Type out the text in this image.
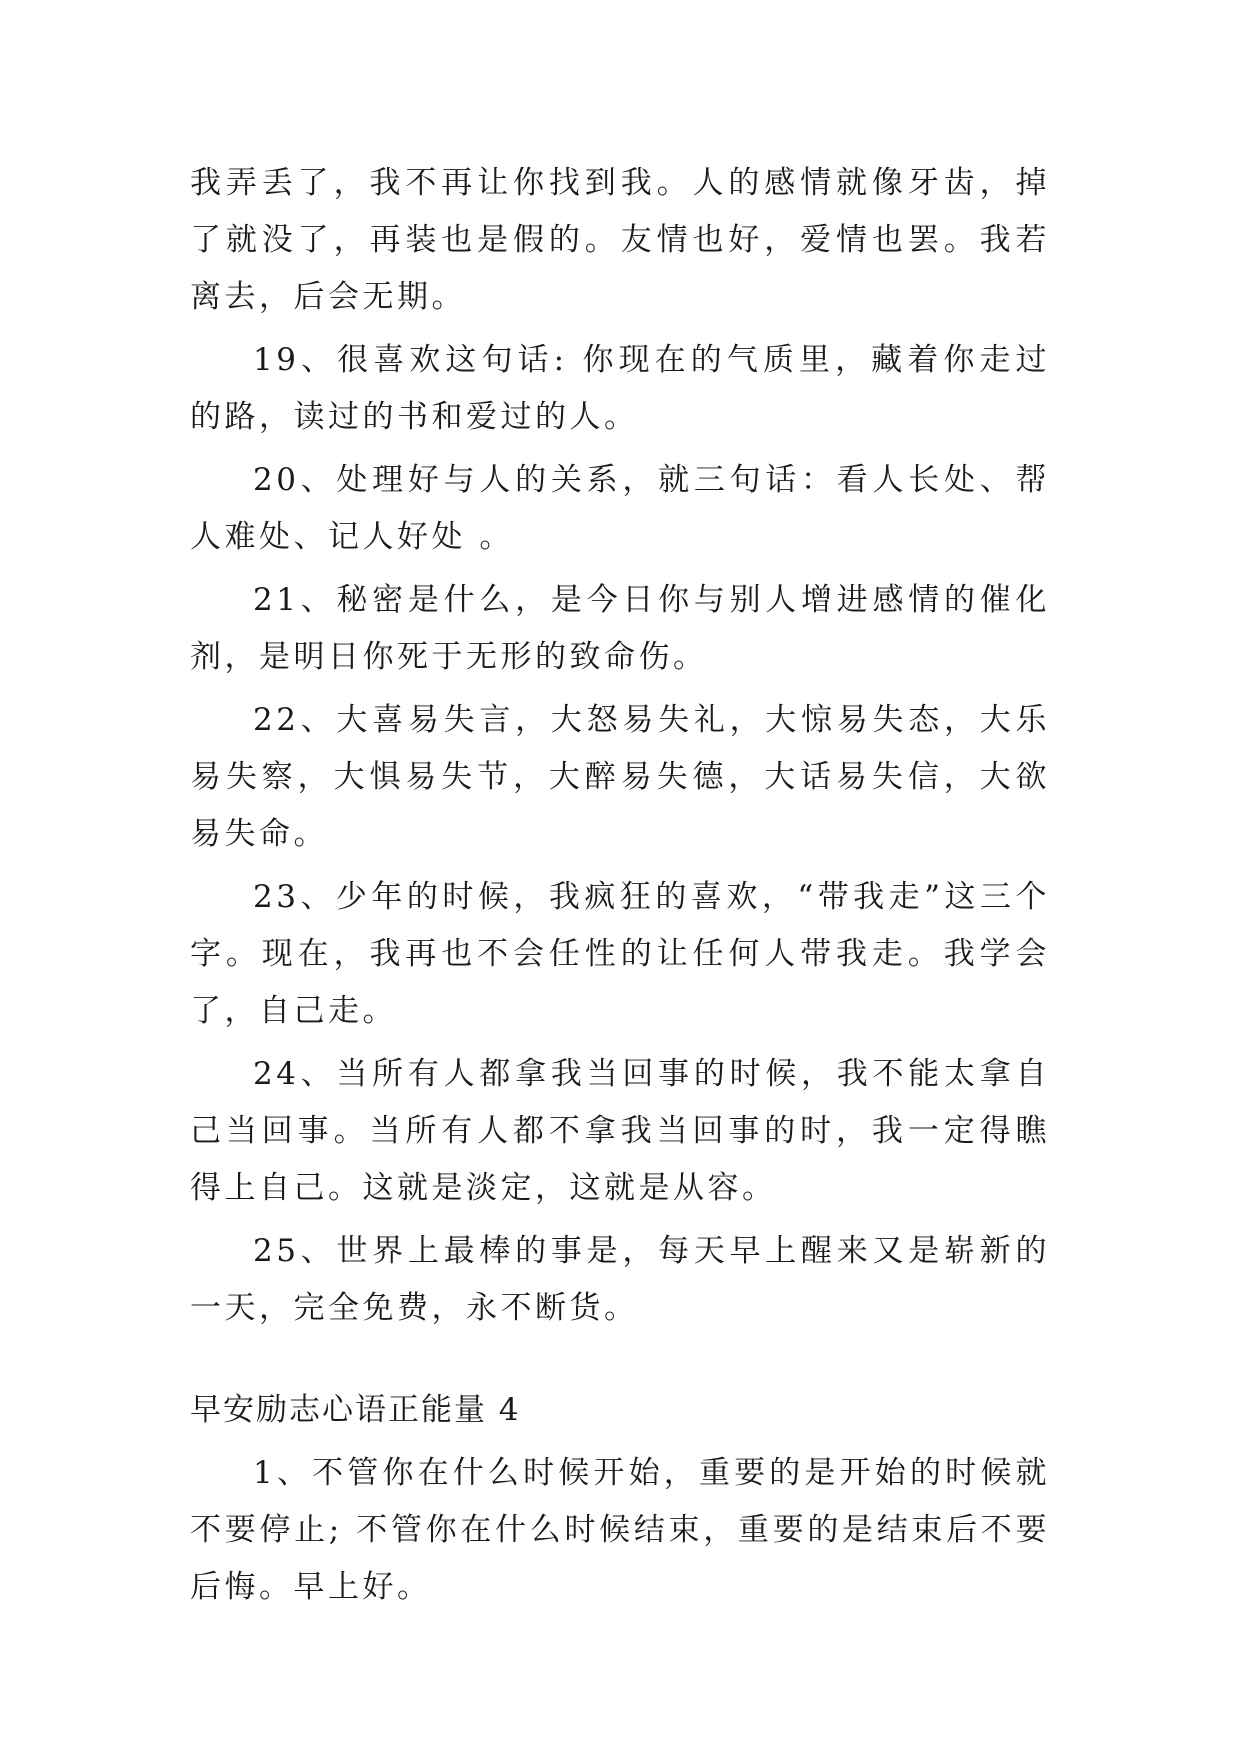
我弄丢了，我不再让你找到我。人的感情就像牙齿，掉了就没了，再装也是假的。友情也好，爱情也罢。我若离去，后会无期。

19、很喜欢这句话: 你现在的气质里，藏着你走过的路，读过的书和爱过的人。

20、处理好与人的关系，就三句话：看人长处、帮人难处、记人好处 。

21、秘密是什么，是今日你与别人增进感情的催化剂，是明日你死于无形的致命伤。

22、大喜易失言，大怒易失礼，大惊易失态，大乐易失察，大惧易失节，大醉易失德，大话易失信，大欲易失命。

23、少年的时候，我疯狂的喜欢，“带我走”这三个字。现在，我再也不会任性的让任何人带我走。我学会了，自己走。

24、当所有人都拿我当回事的时候，我不能太拿自己当回事。当所有人都不拿我当回事的时，我一定得瞧得上自己。这就是淡定，这就是从容。

25、世界上最棒的事是，每天早上醒来又是崭新的一天，完全免费，永不断货。

早安励志心语正能量 4

1、不管你在什么时候开始，重要的是开始的时候就不要停止; 不管你在什么时候结束，重要的是结束后不要后悔。早上好。
